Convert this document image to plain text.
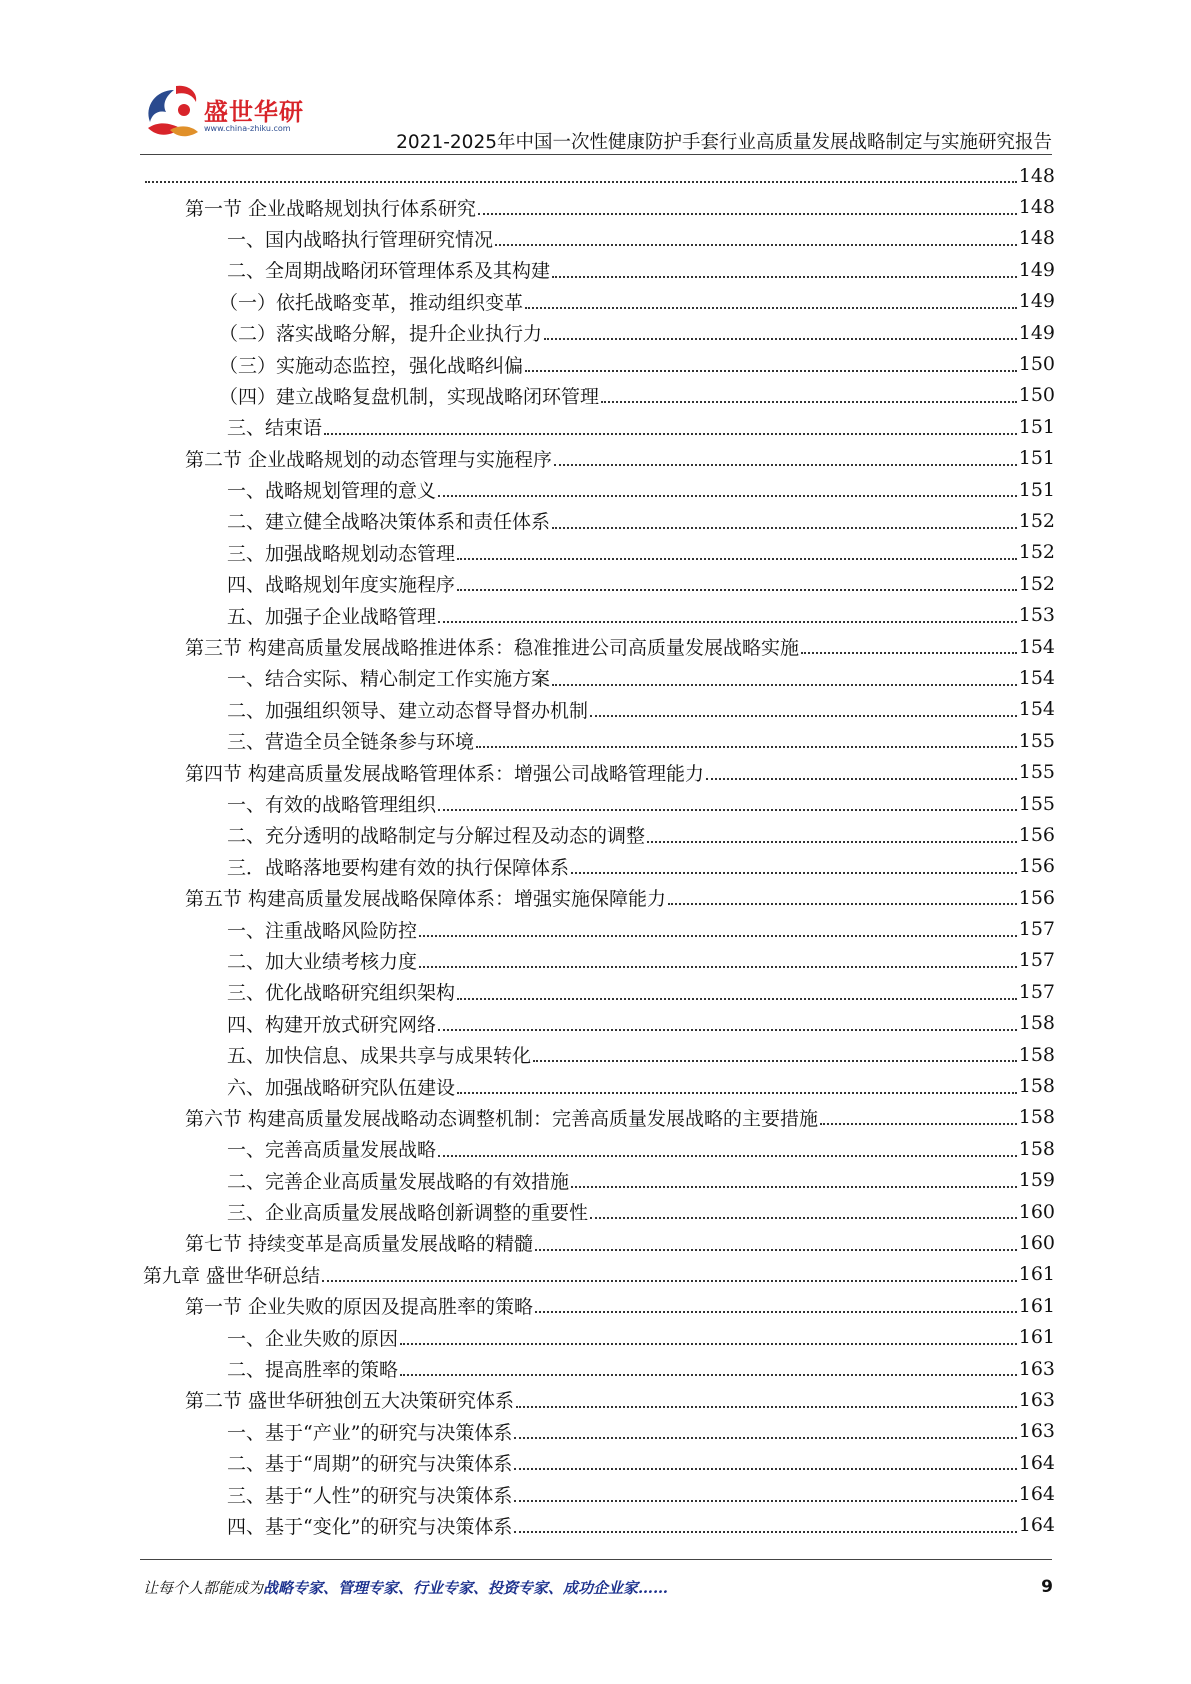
盛世华研
www.china-zhiku.com
2021-2025年中国一次性健康防护手套行业高质量发展战略制定与实施研究报告
148
第一节 企业战略规划执行体系研究	148
一、国内战略执行管理研究情况	148
二、全周期战略闭环管理体系及其构建	149
（一）依托战略变革，推动组织变革	149
（二）落实战略分解，提升企业执行力	149
（三）实施动态监控，强化战略纠偏	150
（四）建立战略复盘机制，实现战略闭环管理	150
三、结束语	151
第二节 企业战略规划的动态管理与实施程序	151
一、战略规划管理的意义	151
二、建立健全战略决策体系和责任体系	152
三、加强战略规划动态管理	152
四、战略规划年度实施程序	152
五、加强子企业战略管理	153
第三节 构建高质量发展战略推进体系：稳准推进公司高质量发展战略实施	154
一、结合实际、精心制定工作实施方案	154
二、加强组织领导、建立动态督导督办机制	154
三、营造全员全链条参与环境	155
第四节 构建高质量发展战略管理体系：增强公司战略管理能力	155
一、有效的战略管理组织	155
二、充分透明的战略制定与分解过程及动态的调整	156
三．战略落地要构建有效的执行保障体系	156
第五节 构建高质量发展战略保障体系：增强实施保障能力	156
一、注重战略风险防控	157
二、加大业绩考核力度	157
三、优化战略研究组织架构	157
四、构建开放式研究网络	158
五、加快信息、成果共享与成果转化	158
六、加强战略研究队伍建设	158
第六节 构建高质量发展战略动态调整机制：完善高质量发展战略的主要措施	158
一、完善高质量发展战略	158
二、完善企业高质量发展战略的有效措施	159
三、企业高质量发展战略创新调整的重要性	160
第七节 持续变革是高质量发展战略的精髓	160
第九章 盛世华研总结	161
第一节 企业失败的原因及提高胜率的策略	161
一、企业失败的原因	161
二、提高胜率的策略	163
第二节 盛世华研独创五大决策研究体系	163
一、基于“产业”的研究与决策体系	163
二、基于“周期”的研究与决策体系	164
三、基于“人性”的研究与决策体系	164
四、基于“变化”的研究与决策体系	164
让每个人都能成为战略专家、管理专家、行业专家、投资专家、成功企业家……	9
